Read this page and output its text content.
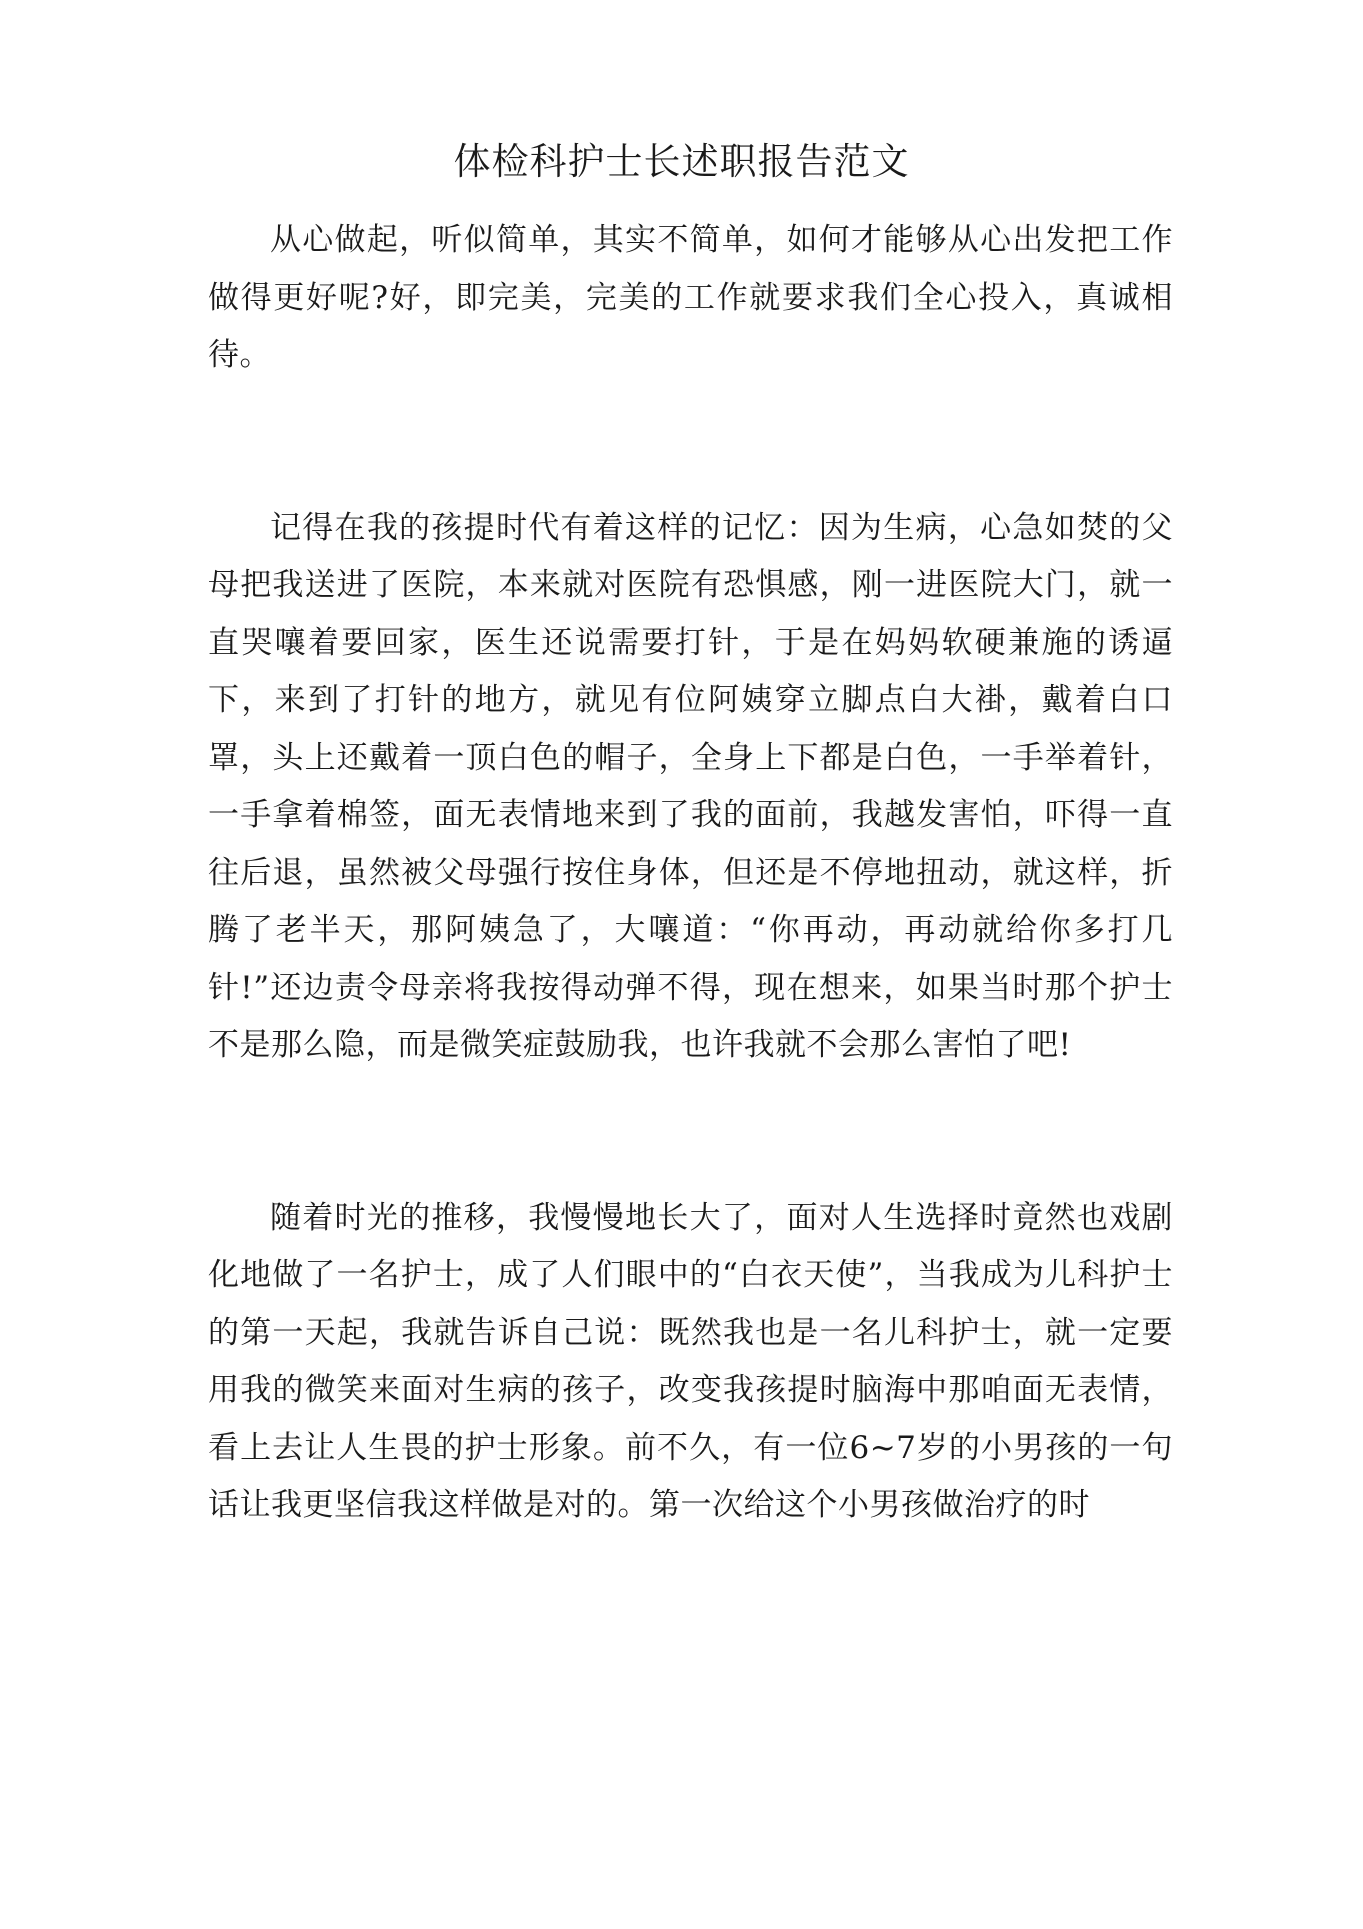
体检科护士长述职报告范文

从心做起，听似简单，其实不简单，如何才能够从心出发把工作做得更好呢?好，即完美，完美的工作就要求我们全心投入，真诚相待。

记得在我的孩提时代有着这样的记忆：因为生病，心急如焚的父母把我送进了医院，本来就对医院有恐惧感，刚一进医院大门，就一直哭嚷着要回家，医生还说需要打针，于是在妈妈软硬兼施的诱逼下，来到了打针的地方，就见有位阿姨穿立脚点白大褂，戴着白口罩，头上还戴着一顶白色的帽子，全身上下都是白色，一手举着针，一手拿着棉签，面无表情地来到了我的面前，我越发害怕，吓得一直往后退，虽然被父母强行按住身体，但还是不停地扭动，就这样，折腾了老半天，那阿姨急了，大嚷道：“你再动，再动就给你多打几针!”还边责令母亲将我按得动弹不得，现在想来，如果当时那个护士不是那么隐，而是微笑症鼓励我，也许我就不会那么害怕了吧!

随着时光的推移，我慢慢地长大了，面对人生选择时竟然也戏剧化地做了一名护士，成了人们眼中的“白衣天使”，当我成为儿科护士的第一天起，我就告诉自己说：既然我也是一名儿科护士，就一定要用我的微笑来面对生病的孩子，改变我孩提时脑海中那咱面无表情，看上去让人生畏的护士形象。前不久，有一位6~7岁的小男孩的一句话让我更坚信我这样做是对的。第一次给这个小男孩做治疗的时
